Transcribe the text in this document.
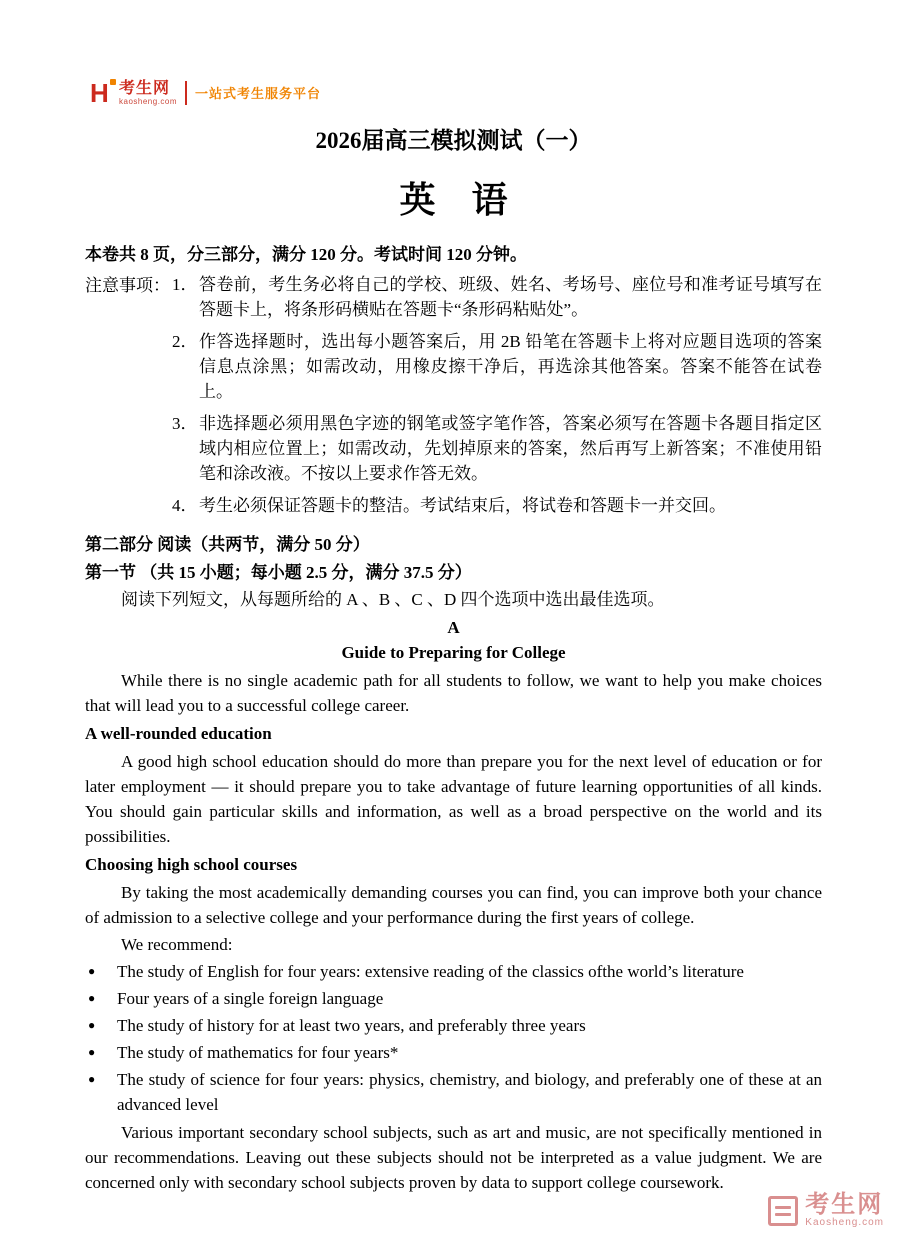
H 考生网
kaosheng.com
一站式考生服务平台
2026届高三模拟测试（一）
英　语
本卷共 8 页，分三部分，满分 120 分。考试时间 120 分钟。
注意事项： 1． 答卷前，考生务必将自己的学校、班级、姓名、考场号、座位号和准考证号填写在答题卡上，将条形码横贴在答题卡“条形码粘贴处”。
2． 作答选择题时，选出每小题答案后，用 2B 铅笔在答题卡上将对应题目选项的答案信息点涂黑；如需改动，用橡皮擦干净后，再选涂其他答案。答案不能答在试卷上。
3． 非选择题必须用黑色字迹的钢笔或签字笔作答，答案必须写在答题卡各题目指定区域内相应位置上；如需改动，先划掉原来的答案，然后再写上新答案；不准使用铅笔和涂改液。不按以上要求作答无效。
4． 考生必须保证答题卡的整洁。考试结束后，将试卷和答题卡一并交回。
第二部分 阅读（共两节，满分 50 分）
第一节 （共 15 小题；每小题 2.5 分，满分 37.5 分）
阅读下列短文，从每题所给的 A 、B 、C 、D 四个选项中选出最佳选项。
A
Guide to Preparing for College
While there is no single academic path for all students to follow, we want to help you make choices that will lead you to a successful college career.
A well-rounded education
A good high school education should do more than prepare you for the next level of education or for later employment — it should prepare you to take advantage of future learning opportunities of all kinds. You should gain particular skills and information, as well as a broad perspective on the world and its possibilities.
Choosing high school courses
By taking the most academically demanding courses you can find, you can improve both your chance of admission to a selective college and your performance during the first years of college.
We recommend:
●	The study of English for four years: extensive reading of the classics ofthe world’s literature
●	Four years of a single foreign language
●	The study of history for at least two years, and preferably three years
●	The study of mathematics for four years*
●	The study of science for four years: physics, chemistry, and biology, and preferably one of these at an advanced level
Various important secondary school subjects, such as art and music, are not specifically mentioned in our recommendations. Leaving out these subjects should not be interpreted as a value judgment. We are concerned only with secondary school subjects proven by data to support college coursework.
考生网
Kaosheng.com
